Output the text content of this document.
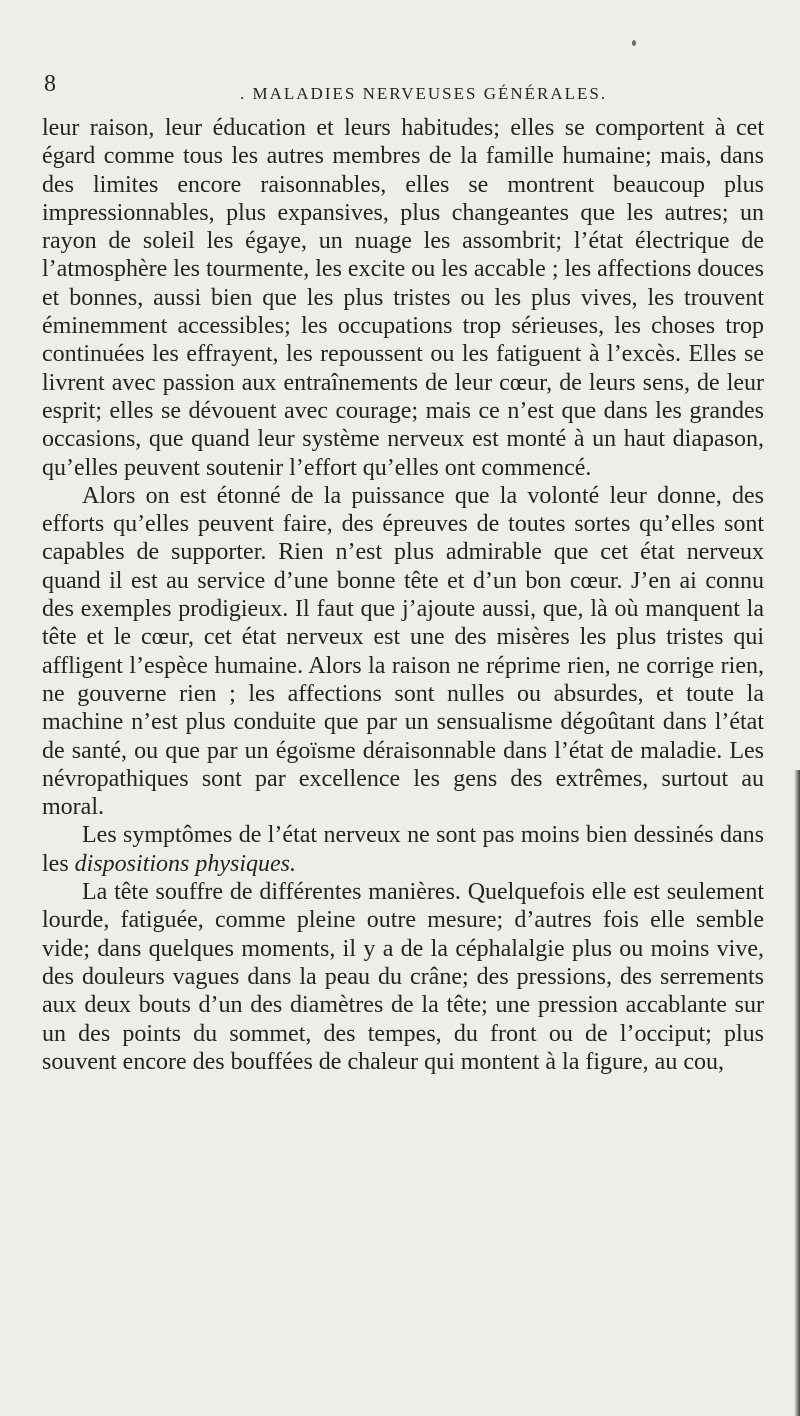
8	. MALADIES NERVEUSES GÉNÉRALES.

leur raison, leur éducation et leurs habitudes; elles se comportent à cet égard comme tous les autres membres de la famille humaine; mais, dans des limites encore raisonnables, elles se montrent beaucoup plus impressionnables, plus expansives, plus changeantes que les autres; un rayon de soleil les égaye, un nuage les assombrit; l’état électrique de l’atmosphère les tourmente, les excite ou les accable ; les affections douces et bonnes, aussi bien que les plus tristes ou les plus vives, les trouvent éminemment accessibles; les occupations trop sérieuses, les choses trop continuées les effrayent, les repoussent ou les fatiguent à l’excès. Elles se livrent avec passion aux entraînements de leur cœur, de leurs sens, de leur esprit; elles se dévouent avec courage; mais ce n’est que dans les grandes occasions, que quand leur système nerveux est monté à un haut diapason, qu’elles peuvent soutenir l’effort qu’elles ont commencé.

Alors on est étonné de la puissance que la volonté leur donne, des efforts qu’elles peuvent faire, des épreuves de toutes sortes qu’elles sont capables de supporter. Rien n’est plus admirable que cet état nerveux quand il est au service d’une bonne tête et d’un bon cœur. J’en ai connu des exemples prodigieux. Il faut que j’ajoute aussi, que, là où manquent la tête et le cœur, cet état nerveux est une des misères les plus tristes qui affligent l’espèce humaine. Alors la raison ne réprime rien, ne corrige rien, ne gouverne rien ; les affections sont nulles ou absurdes, et toute la machine n’est plus conduite que par un sensualisme dégoûtant dans l’état de santé, ou que par un égoïsme déraisonnable dans l’état de maladie. Les névropathiques sont par excellence les gens des extrêmes, surtout au moral.

Les symptômes de l’état nerveux ne sont pas moins bien dessinés dans les dispositions physiques.

La tête souffre de différentes manières. Quelquefois elle est seulement lourde, fatiguée, comme pleine outre mesure; d’autres fois elle semble vide; dans quelques moments, il y a de la céphalalgie plus ou moins vive, des douleurs vagues dans la peau du crâne; des pressions, des serrements aux deux bouts d’un des diamètres de la tête; une pression accablante sur un des points du sommet, des tempes, du front ou de l’occiput; plus souvent encore des bouffées de chaleur qui montent à la figure, au cou,
